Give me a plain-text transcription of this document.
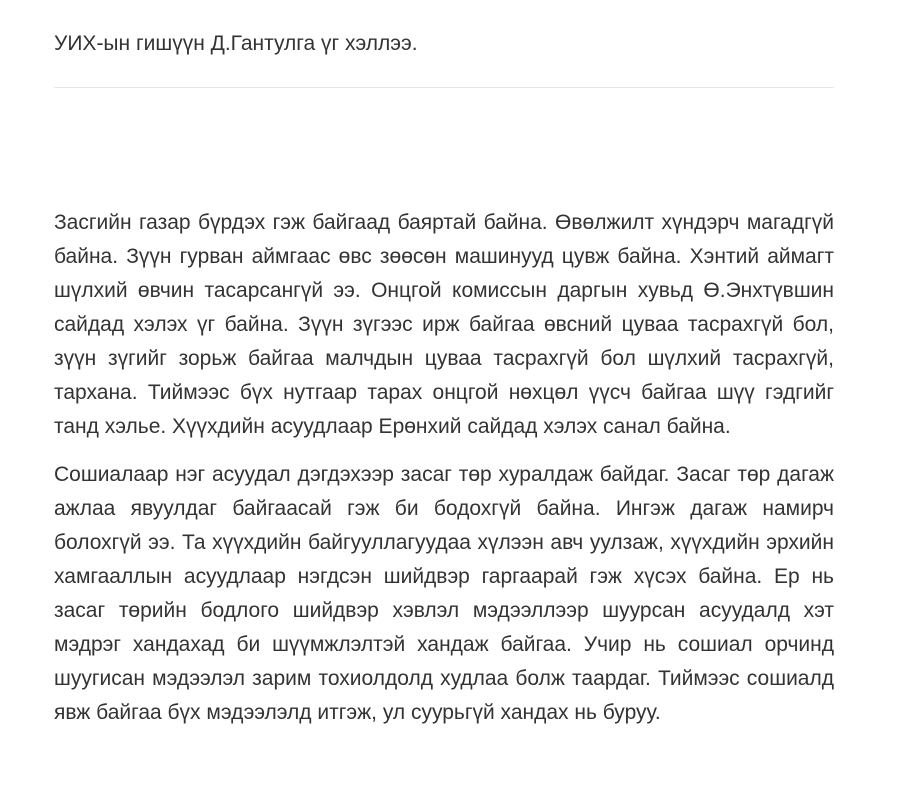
УИХ-ын гишүүн Д.Гантулга үг хэллээ.

Засгийн газар бүрдэх гэж байгаад баяртай байна. Өвөлжилт хүндэрч магадгүй байна. Зүүн гурван аймгаас өвс зөөсөн машинууд цувж байна. Хэнтий аймагт шүлхий өвчин тасарсангүй ээ. Онцгой комиссын даргын хувьд Ө.Энхтүвшин сайдад хэлэх үг байна. Зүүн зүгээс ирж байгаа өвсний цуваа тасрахгүй бол, зүүн зүгийг зорьж байгаа малчдын цуваа тасрахгүй бол шүлхий тасрахгүй, тархана. Тиймээс бүх нутгаар тарах онцгой нөхцөл үүсч байгаа шүү гэдгийг танд хэлье. Хүүхдийн асуудлаар Ерөнхий сайдад хэлэх санал байна.

Сошиалаар нэг асуудал дэгдэхээр засаг төр хуралдаж байдаг. Засаг төр дагаж ажлаа явуулдаг байгаасай гэж би бодохгүй байна. Ингэж дагаж намирч болохгүй ээ. Та хүүхдийн байгууллагуудаа хүлээн авч уулзаж, хүүхдийн эрхийн хамгааллын асуудлаар нэгдсэн шийдвэр гаргаарай гэж хүсэх байна. Ер нь засаг төрийн бодлого шийдвэр хэвлэл мэдээллээр шуурсан асуудалд хэт мэдрэг хандахад би шүүмжлэлтэй хандаж байгаа. Учир нь сошиал орчинд шуугисан мэдээлэл зарим тохиолдолд худлаа болж таардаг. Тиймээс сошиалд явж байгаа бүх мэдээлэлд итгэж, ул суурьгүй хандах нь буруу.
